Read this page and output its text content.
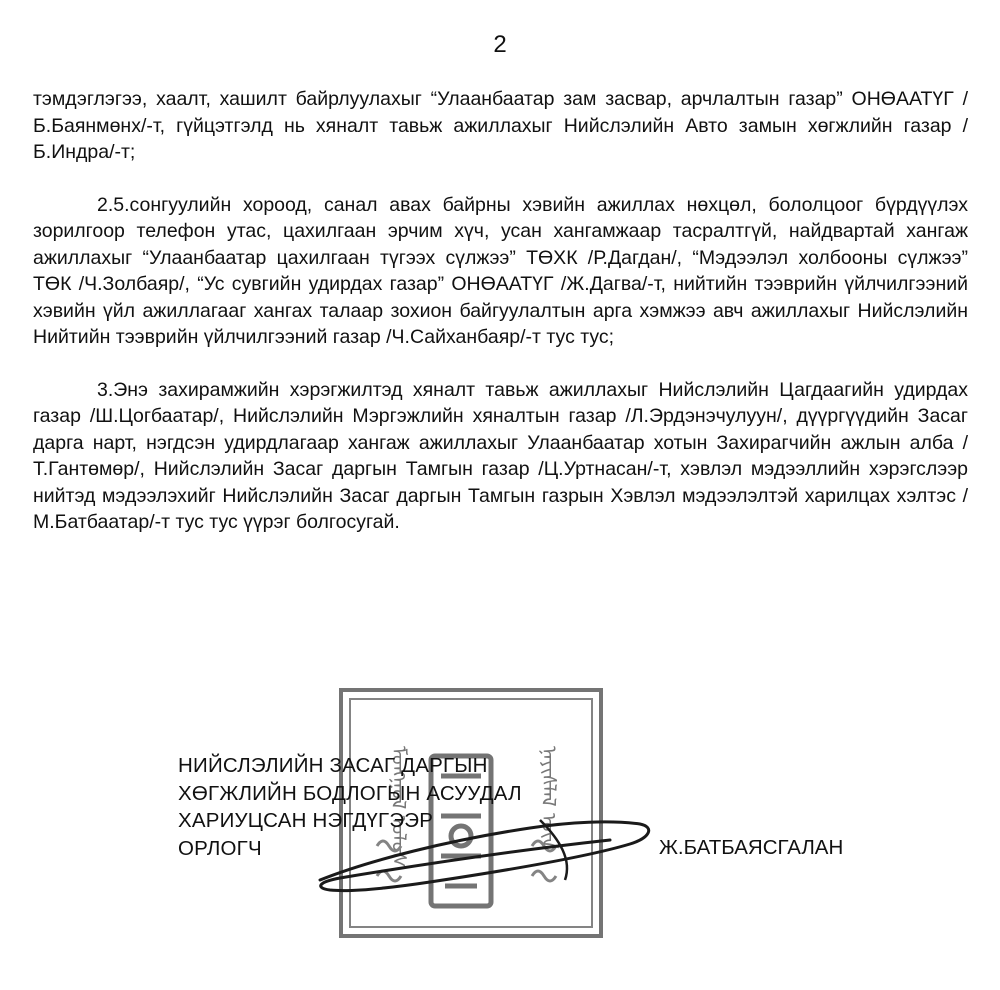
2

тэмдэглэгээ, хаалт, хашилт байрлуулахыг “Улаанбаатар зам засвар, арчлалтын газар” ОНӨААТҮГ /Б.Баянмөнх/-т, гүйцэтгэлд нь хяналт тавьж ажиллахыг Нийслэлийн Авто замын хөгжлийн газар /Б.Индра/-т;

2.5.сонгуулийн хороод, санал авах байрны хэвийн ажиллах нөхцөл, бололцоог бүрдүүлэх зорилгоор телефон утас, цахилгаан эрчим хүч, усан хангамжаар тасралтгүй, найдвартай хангаж ажиллахыг “Улаанбаатар цахилгаан түгээх сүлжээ” ТӨХК /Р.Дагдан/, “Мэдээлэл холбооны сүлжээ” ТӨК /Ч.Золбаяр/, “Ус сувгийн удирдах газар” ОНӨААТҮГ /Ж.Дагва/-т, нийтийн тээврийн үйлчилгээний хэвийн үйл ажиллагааг хангах талаар зохион байгуулалтын арга хэмжээ авч ажиллахыг Нийслэлийн Нийтийн тээврийн үйлчилгээний газар /Ч.Сайханбаяр/-т тус тус;

3.Энэ захирамжийн хэрэгжилтэд хяналт тавьж ажиллахыг Нийслэлийн Цагдаагийн удирдах газар /Ш.Цогбаатар/, Нийслэлийн Мэргэжлийн хяналтын газар /Л.Эрдэнэчулуун/, дүүргүүдийн Засаг дарга нарт, нэгдсэн удирдлагаар хангаж ажиллахыг Улаанбаатар хотын Захирагчийн ажлын алба /Т.Гантөмөр/, Нийслэлийн Засаг даргын Тамгын газар /Ц.Уртнасан/-т, хэвлэл мэдээллийн хэрэгслээр нийтэд мэдээлэхийг Нийслэлийн Засаг даргын Тамгын газрын Хэвлэл мэдээлэлтэй харилцах хэлтэс /М.Батбаатар/-т тус тус үүрэг болгосугай.

ᠮᠣᠩᠭᠣᠯ ᠤᠯᠤᠰ	ᠨᠡᠶᠢᠰᠯᠡᠯ ᠦᠨ
НИЙСЛЭЛИЙН ЗАСАГ ДАРГЫН
ХӨГЖЛИЙН БОДЛОГЫН АСУУДАЛ
ХАРИУЦСАН НЭГДҮГЭЭР
ОРЛОГЧ	Ж.БАТБАЯСГАЛАН
